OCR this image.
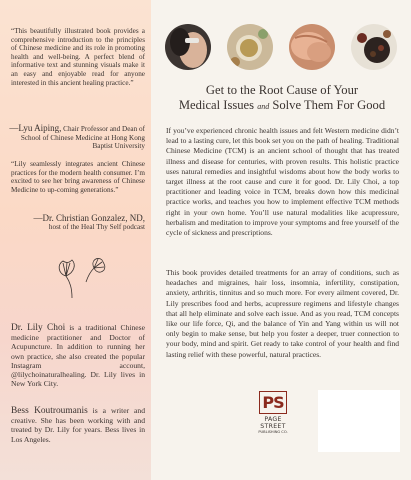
“This beautifully illustrated book provides a comprehensive introduction to the principles of Chinese medicine and its role in promoting health and well-being. A perfect blend of informative text and stunning visuals make it an easy and enjoyable read for anyone interested in this ancient healing practice.”
—Lyu Aiping, Chair Professor and Dean of School of Chinese Medicine at Hong Kong Baptist University
“Lily seamlessly integrates ancient Chinese practices for the modern health consumer. I’m excited to see her bring awareness of Chinese Medicine to up-coming generations.”
—Dr. Christian Gonzalez, ND,
host of the Heal Thy Self podcast
Dr. Lily Choi is a traditional Chinese medicine practitioner and Doctor of Acupuncture. In addition to running her own practice, she also created the popular Instagram account, @lilychoinaturalhealing. Dr. Lily lives in New York City.
Bess Koutroumanis is a writer and creative. She has been working with and treated by Dr. Lily for years. Bess lives in Los Angeles.
Get to the Root Cause of Your
Medical Issues and Solve Them For Good
If you’ve experienced chronic health issues and felt Western medicine didn’t lead to a lasting cure, let this book set you on the path of healing. Traditional Chinese Medicine (TCM) is an ancient school of thought that has treated illness and disease for centuries, with proven results. This holistic practice uses natural remedies and insightful wisdoms about how the body works to target illness at the root cause and cure it for good. Dr. Lily Choi, a top practitioner and leading voice in TCM, breaks down how this medicinal practice works, and teaches you how to implement effective TCM methods right in your own home. You’ll use natural modalities like acupressure, herbalism and meditation to improve your symptoms and free yourself of the cycle of sickness and prescriptions.
This book provides detailed treatments for an array of conditions, such as headaches and migraines, hair loss, insomnia, infertility, constipation, anxiety, arthritis, tinnitus and so much more. For every ailment covered, Dr. Lily prescribes food and herbs, acupressure regimens and lifestyle changes that all help eliminate and solve each issue. And as you read, TCM concepts like our life force, Qi, and the balance of Yin and Yang within us will not only begin to make sense, but help you foster a deeper, truer connection to your body, mind and spirit. Get ready to take control of your health and find lasting relief with these powerful, natural practices.
PS
PAGE STREET
PUBLISHING CO.
